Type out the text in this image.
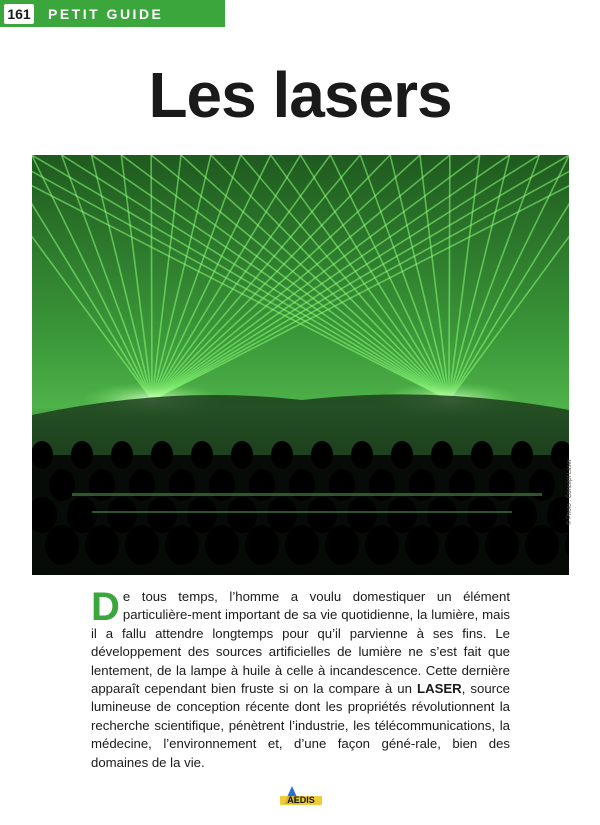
161 PETIT GUIDE
Les lasers
© Photo : Concept Laser

De tous temps, l’homme a voulu domestiquer un élément particulière-ment important de sa vie quotidienne, la lumière, mais il a fallu attendre longtemps pour qu’il parvienne à ses fins. Le développement des sources artificielles de lumière ne s’est fait que lentement, de la lampe à huile à celle à incandescence. Cette dernière apparaît cependant bien fruste si on la compare à un LASER, source lumineuse de conception récente dont les propriétés révolutionnent la recherche scientifique, pénètrent l’industrie, les télécommunications, la médecine, l’environnement et, d’une façon géné-rale, bien des domaines de la vie.

AEDIS
